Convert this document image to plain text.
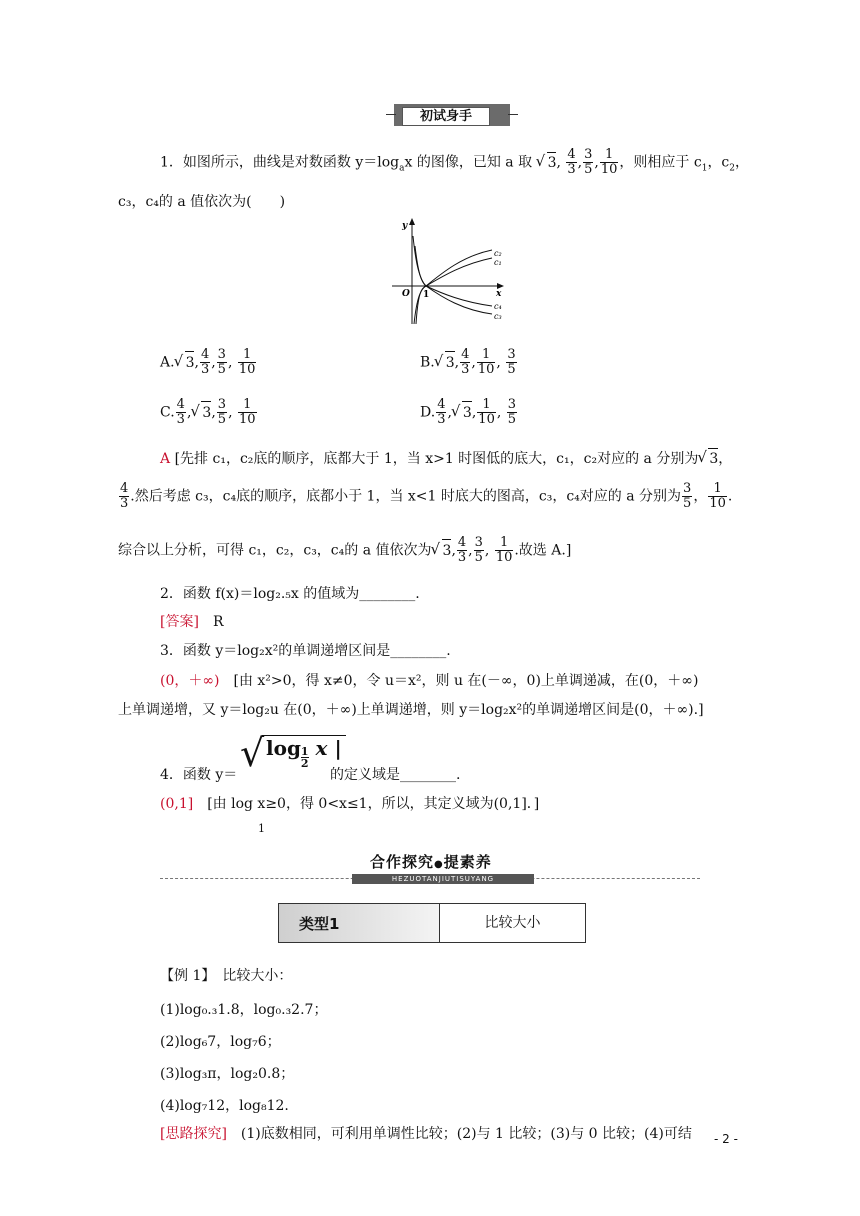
初试身手
1．如图所示，曲线是对数函数 $y=\log_ax$ 的图像，已知 a 取 √ 3, $\frac{4}{3}$ , $\frac{3}{5}$ , $\frac{1}{10}$ ，则相应于 $c_1$，$c_2$，
c₃，c₄的 a 值依次为(　　)
y
x
O 1
c₂
c₁
c₄
c₃
A. √ 3, $\frac{4}{3}$ , $\frac{3}{5}$ , $\frac{1}{10}$	B. √ 3, $\frac{4}{3}$ , $\frac{1}{10}$ , $\frac{3}{5}$
C. $\frac{4}{3}$ , √ 3, $\frac{3}{5}$ , $\frac{1}{10}$	D. $\frac{4}{3}$ , √ 3, $\frac{1}{10}$ , $\frac{3}{5}$
A [先排 c₁，c₂底的顺序，底都大于 1，当 x>1 时图低的底大，c₁，c₂对应的 a 分别为 √ 3，
$\frac{4}{3}$ .然后考虑 c₃，c₄底的顺序，底都小于 1，当 x<1 时底大的图高，c₃，c₄对应的 a 分别为 $\frac{3}{5}$ ， $\frac{1}{10}$ .
综合以上分析，可得 c₁，c₂，c₃，c₄的 a 值依次为 √ 3, $\frac{4}{3}$ , $\frac{3}{5}$ , $\frac{1}{10}$ .故选 A.]
2．函数 f(x)＝log₂.₅x 的值域为________.
[答案]　 R
3．函数 y＝log₂x²的单调递增区间是________.
(0，＋∞)　 [由 x²>0，得 x≠0，令 u＝x²，则 u 在(－∞，0)上单调递减，在(0，＋∞)
上单调递增，又 y＝log₂u 在(0，＋∞)上单调递增，则 y＝log₂x²的单调递增区间是(0，＋∞).]
4．函数 y＝ √ $\log \frac{1}{2}$ x |
的定义域是________.
(0,1]　 [由 log x≥0，得 0<x≤1，所以，其定义域为(0,1]．]
1
合作探究●提素养
HEZUOTANJIUTISUYANG
类型1	比较大小
【例 1】　比较大小：
(1)log₀.₃1.8，log₀.₃2.7；
(2)log₆7，log₇6；
(3)log₃π，log₂0.8；
(4)log₇12，log₈12.
[思路探究]　(1)底数相同，可利用单调性比较；(2)与 1 比较；(3)与 0 比较；(4)可结 - 2 -
